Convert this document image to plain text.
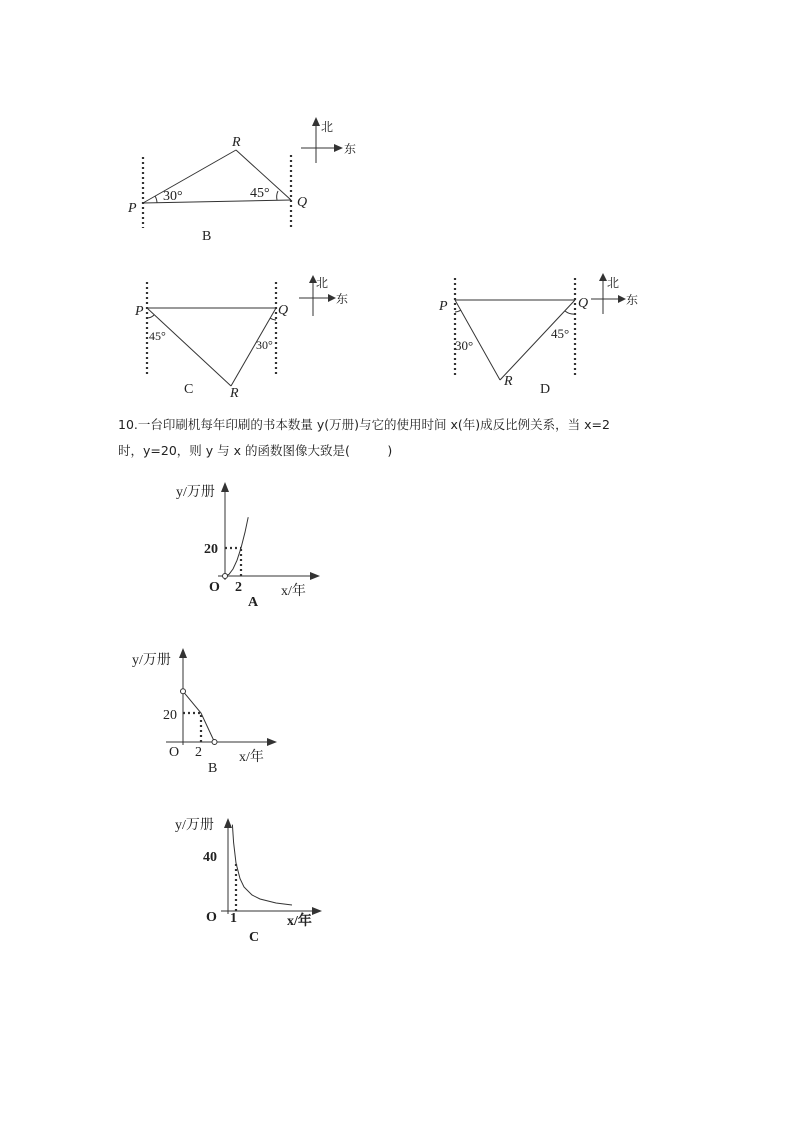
P	Q
R
30°	45°
B
北
东
P	Q
R
45°
30°
C
北
东	P	Q
R
30°
45°
D
北
东

10.一台印刷机每年印刷的书本数量 y(万册)与它的使用时间 x(年)成反比例关系，当 x=2

时，y=20，则 y 与 x 的函数图像大致是(　　　)

y/万册
x/年
O 2
20
A
y/万册
x/年
O 2
20
B
y/万册
x/年
O 1
40
C
